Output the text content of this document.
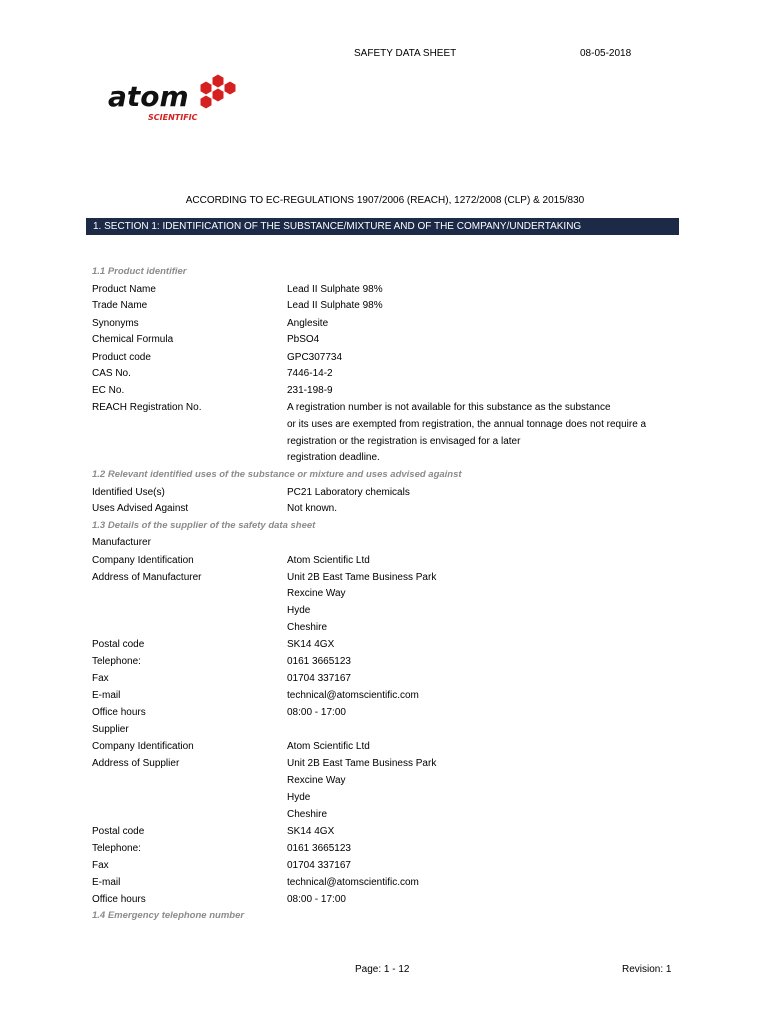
SAFETY DATA SHEET	08-05-2018
atom
SCIENTIFIC
ACCORDING TO EC-REGULATIONS 1907/2006 (REACH), 1272/2008 (CLP) & 2015/830
1. SECTION 1: IDENTIFICATION OF THE SUBSTANCE/MIXTURE AND OF THE COMPANY/UNDERTAKING
1.1 Product identifier
Product Name	Lead II Sulphate 98%
Trade Name	Lead II Sulphate 98%
Synonyms	Anglesite
Chemical Formula	PbSO4
Product code	GPC307734
CAS No.	7446-14-2
EC No.	231-198-9
REACH Registration No.	A registration number is not available for this substance as the substance
or its uses are exempted from registration, the annual tonnage does not require a
registration or the registration is envisaged for a later
registration deadline.
1.2 Relevant identified uses of the substance or mixture and uses advised against
Identified Use(s)	PC21 Laboratory chemicals
Uses Advised Against	Not known.
1.3 Details of the supplier of the safety data sheet
Manufacturer
Company Identification	Atom Scientific Ltd
Address of Manufacturer	Unit 2B East Tame Business Park
Rexcine Way
Hyde
Cheshire
Postal code	SK14 4GX
Telephone:	0161 3665123
Fax	01704 337167
E-mail	technical@atomscientific.com
Office hours	08:00 - 17:00
Supplier
Company Identification	Atom Scientific Ltd
Address of Supplier	Unit 2B East Tame Business Park
Rexcine Way
Hyde
Cheshire
Postal code	SK14 4GX
Telephone:	0161 3665123
Fax	01704 337167
E-mail	technical@atomscientific.com
Office hours	08:00 - 17:00
1.4 Emergency telephone number
Page: 1 - 12	Revision: 1
